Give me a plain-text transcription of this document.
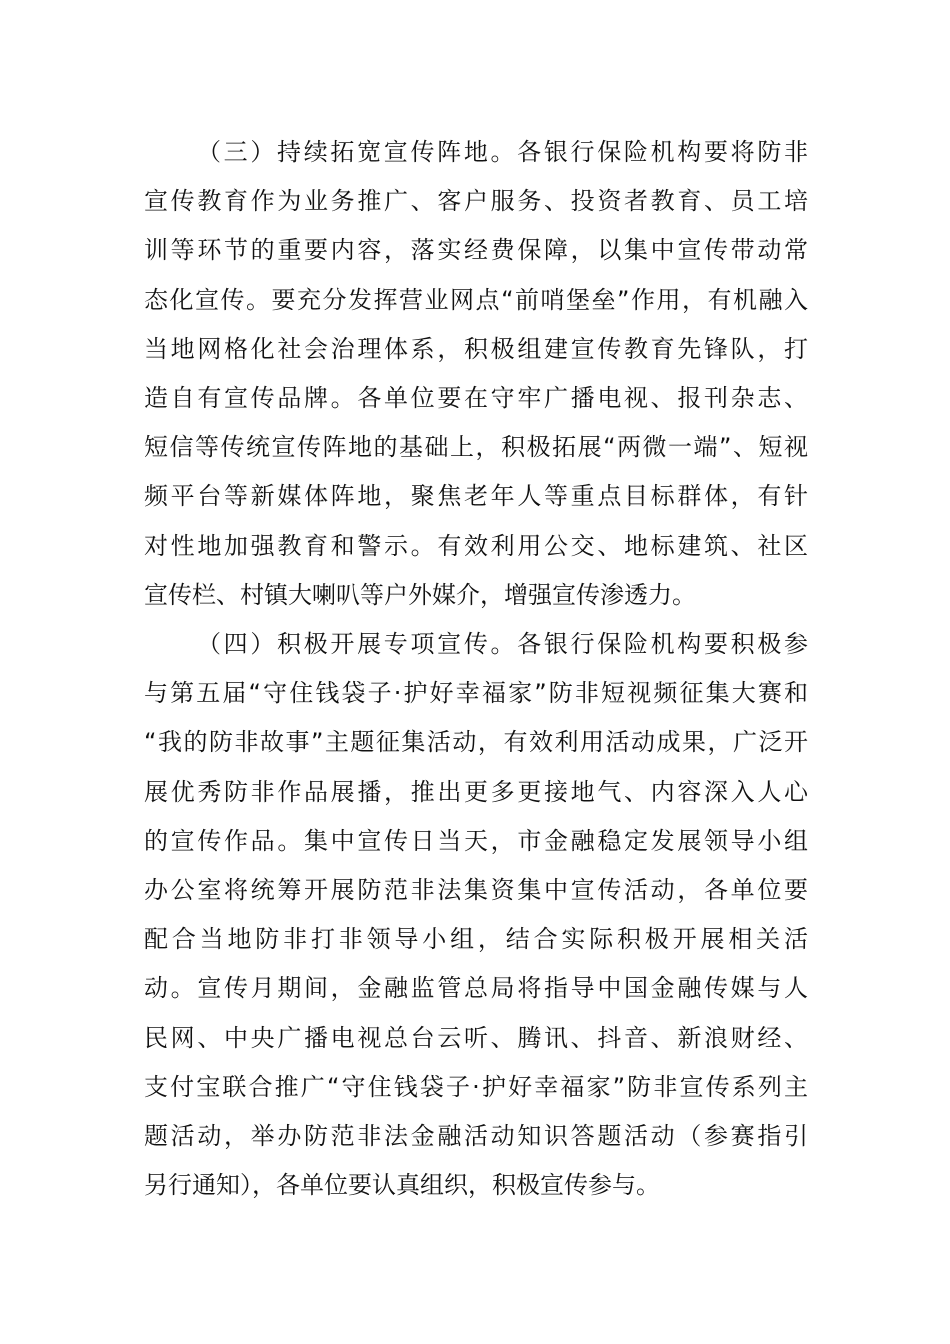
（三）持续拓宽宣传阵地。各银行保险机构要将防非
宣传教育作为业务推广、客户服务、投资者教育、员工培
训等环节的重要内容，落实经费保障，以集中宣传带动常
态化宣传。要充分发挥营业网点“前哨堡垒”作用，有机融入
当地网格化社会治理体系，积极组建宣传教育先锋队，打
造自有宣传品牌。各单位要在守牢广播电视、报刊杂志、
短信等传统宣传阵地的基础上，积极拓展“两微一端”、短视
频平台等新媒体阵地，聚焦老年人等重点目标群体，有针
对性地加强教育和警示。有效利用公交、地标建筑、社区
宣传栏、村镇大喇叭等户外媒介，增强宣传渗透力。

（四）积极开展专项宣传。各银行保险机构要积极参
与第五届“守住钱袋子·护好幸福家”防非短视频征集大赛和
“我的防非故事”主题征集活动，有效利用活动成果，广泛开
展优秀防非作品展播，推出更多更接地气、内容深入人心
的宣传作品。集中宣传日当天，市金融稳定发展领导小组
办公室将统筹开展防范非法集资集中宣传活动，各单位要
配合当地防非打非领导小组，结合实际积极开展相关活
动。宣传月期间，金融监管总局将指导中国金融传媒与人
民网、中央广播电视总台云听、腾讯、抖音、新浪财经、
支付宝联合推广“守住钱袋子·护好幸福家”防非宣传系列主
题活动，举办防范非法金融活动知识答题活动（参赛指引
另行通知），各单位要认真组织，积极宣传参与。
